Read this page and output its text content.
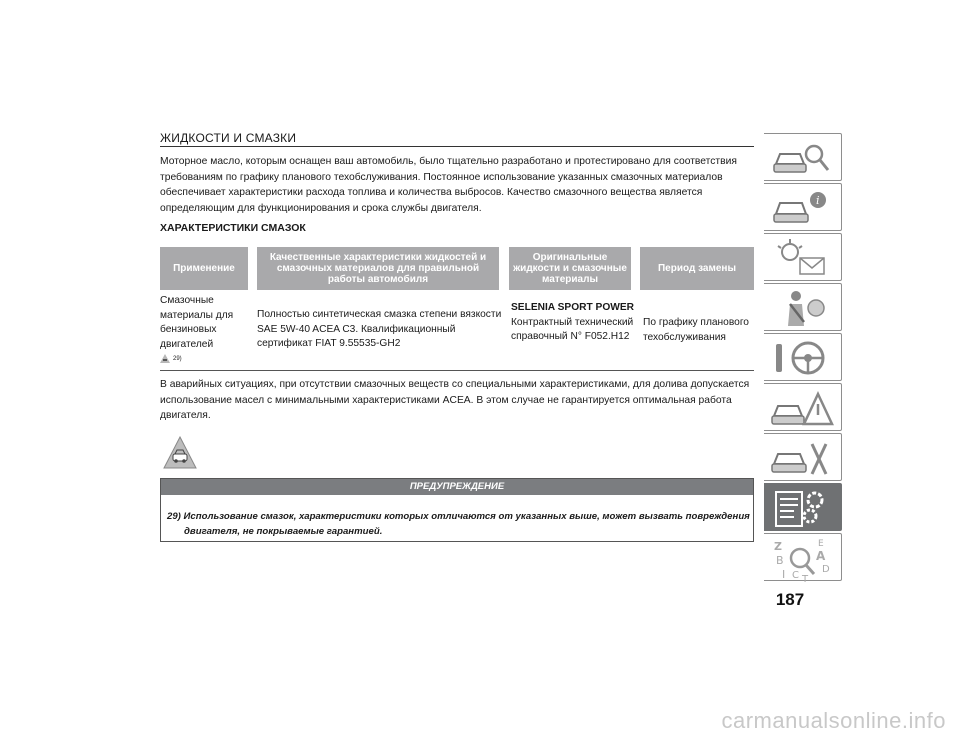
ЖИДКОСТИ И СМАЗКИ
Моторное масло, которым оснащен ваш автомобиль, было тщательно разработано и протестировано для соответствия требованиям по графику планового техобслуживания. Постоянное использование указанных смазочных материалов обеспечивает характеристики расхода топлива и количества выбросов. Качество смазочного вещества является определяющим для функционирования и срока службы двигателя.
ХАРАКТЕРИСТИКИ СМАЗОК
Применение
Качественные характеристики жидкостей и смазочных материалов для правильной работы автомобиля
Оригинальные жидкости и смазочные материалы
Период замены
Смазочные материалы для бензиновых двигателей
29)
Полностью синтетическая смазка степени вязкости SAE 5W-40 ACEA C3. Квалификационный сертификат FIAT 9.55535-GH2
SELENIA SPORT POWER
Контрактный технический справочный N° F052.H12
По графику планового техобслуживания
В аварийных ситуациях, при отсутствии смазочных веществ со специальными характеристиками, для долива допускается использование масел с минимальными характеристиками ACEA. В этом случае не гарантируется оптимальная работа двигателя.
ПРЕДУПРЕЖДЕНИЕ
29) Использование смазок, характеристики которых отличаются от указанных выше, может вызвать повреждения двигателя, не покрываемые гарантией.
i
Z	E
B	A
D
C T
I
187
carmanualsonline.info
